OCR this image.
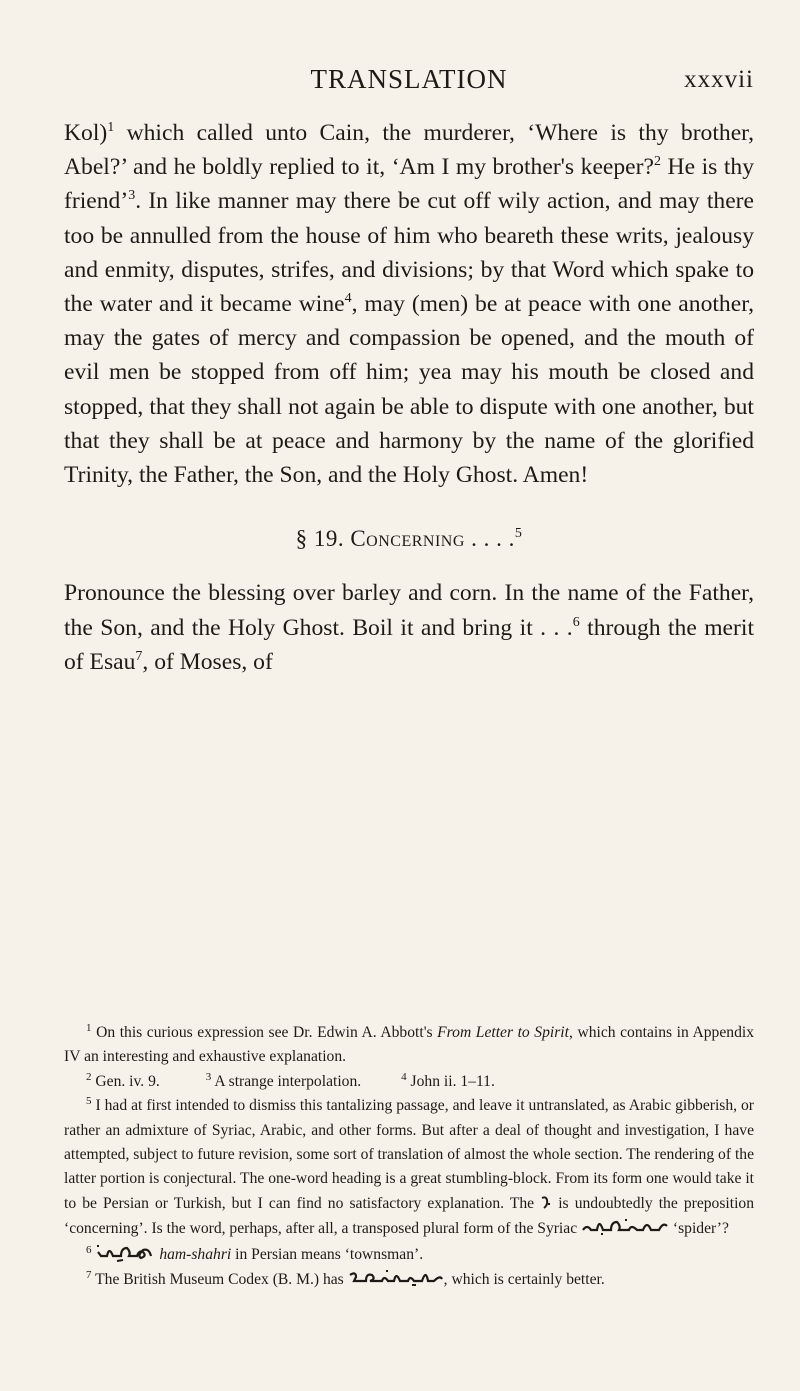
TRANSLATION	xxxvii

Kol)$^1$ which called unto Cain, the murderer, ‘Where is thy brother, Abel?’ and he boldly replied to it, ‘Am I my brother's keeper?$^2$ He is thy friend’$^3$. In like manner may there be cut off wily action, and may there too be annulled from the house of him who beareth these writs, jealousy and enmity, disputes, strifes, and divisions; by that Word which spake to the water and it became wine$^4$, may (men) be at peace with one another, may the gates of mercy and compassion be opened, and the mouth of evil men be stopped from off him; yea may his mouth be closed and stopped, that they shall not again be able to dispute with one another, but that they shall be at peace and harmony by the name of the glorified Trinity, the Father, the Son, and the Holy Ghost. Amen!

§ 19. Concerning . . . .$^5$

Pronounce the blessing over barley and corn. In the name of the Father, the Son, and the Holy Ghost. Boil it and bring it . . .$^6$ through the merit of Esau$^7$, of Moses, of

$^1$ On this curious expression see Dr. Edwin A. Abbott's From Letter to Spirit, which contains in Appendix IV an interesting and exhaustive explanation.

$^2$ Gen. iv. 9.	$^3$ A strange interpolation.	$^4$ John ii. 1–11.

$^5$ I had at first intended to dismiss this tantalizing passage, and leave it untranslated, as Arabic gibberish, or rather an admixture of Syriac, Arabic, and other forms. But after a deal of thought and investigation, I have attempted, subject to future revision, some sort of translation of almost the whole section. The rendering of the latter portion is conjectural. The one-word heading is a great stumbling-block. From its form one would take it to be Persian or Turkish, but I can find no satisfactory explanation. The
is undoubtedly the preposition ‘concerning’. Is the word, perhaps, after all, a transposed plural form of the Syriac	‘spider’?

$^6$	ham-shahri in Persian means ‘townsman’.

$^7$ The British Museum Codex (B. M.) has	, which is certainly better.
